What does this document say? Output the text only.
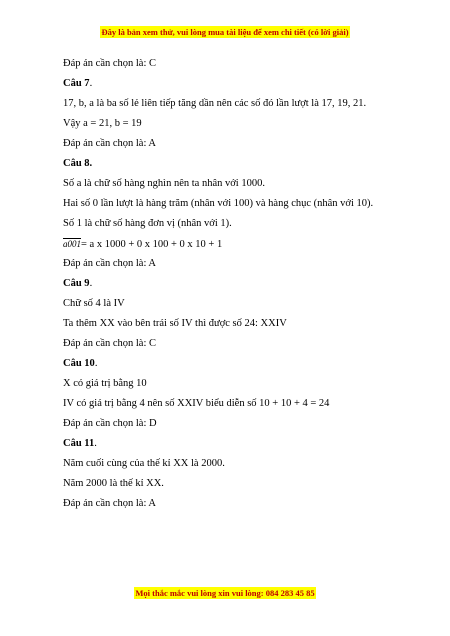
Đây là bản xem thử, vui lòng mua tài liệu để xem chi tiết (có lời giải)
Đáp án cần chọn là: C
Câu 7.
17, b, a là ba số lẻ liên tiếp tăng dần nên các số đó lần lượt là 17, 19, 21.
Vậy a = 21, b = 19
Đáp án cần chọn là: A
Câu 8.
Số a là chữ số hàng nghìn nên ta nhân với 1000.
Hai số 0 lần lượt là hàng trăm (nhân với 100) và hàng chục (nhân với 10).
Số 1 là chữ số hàng đơn vị (nhân với 1).
a001= a x 1000 + 0 x 100 + 0 x 10 + 1
Đáp án cần chọn là: A
Câu 9.
Chữ số 4 là IV
Ta thêm XX vào bên trái số IV thì được số 24: XXIV
Đáp án cần chọn là: C
Câu 10.
X có giá trị bằng 10
IV có giá trị bằng 4 nên số XXIV biểu diễn số 10 + 10 + 4 = 24
Đáp án cần chọn là: D
Câu 11.
Năm cuối cùng của thế kỉ XX là 2000.
Năm 2000 là thế kỉ XX.
Đáp án cần chọn là: A
Mọi thắc mắc vui lòng xin vui lòng: 084 283 45 85
